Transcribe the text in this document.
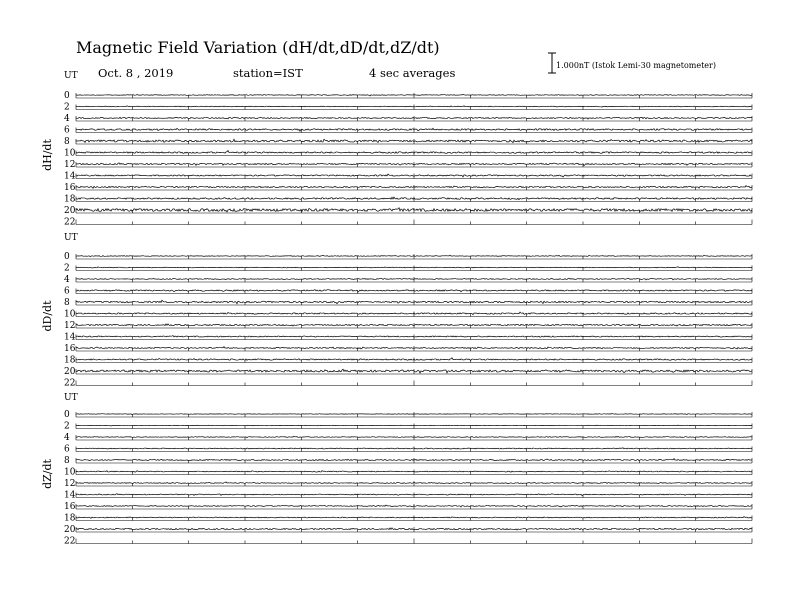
Magnetic Field Variation (dH/dt,dD/dt,dZ/dt)
Oct. 8 , 2019	station=IST	4 sec averages
1.000nT (Istok Lemi-30 magnetometer)
UT
dH/dt
0
2
4
6
8
10
12
14
16
18
20
22
UT
dD/dt
0
2
4
6
8
10
12
14
16
18
20
22
UT
dZ/dt
0
2
4
6
8
10
12
14
16
18
20
22
